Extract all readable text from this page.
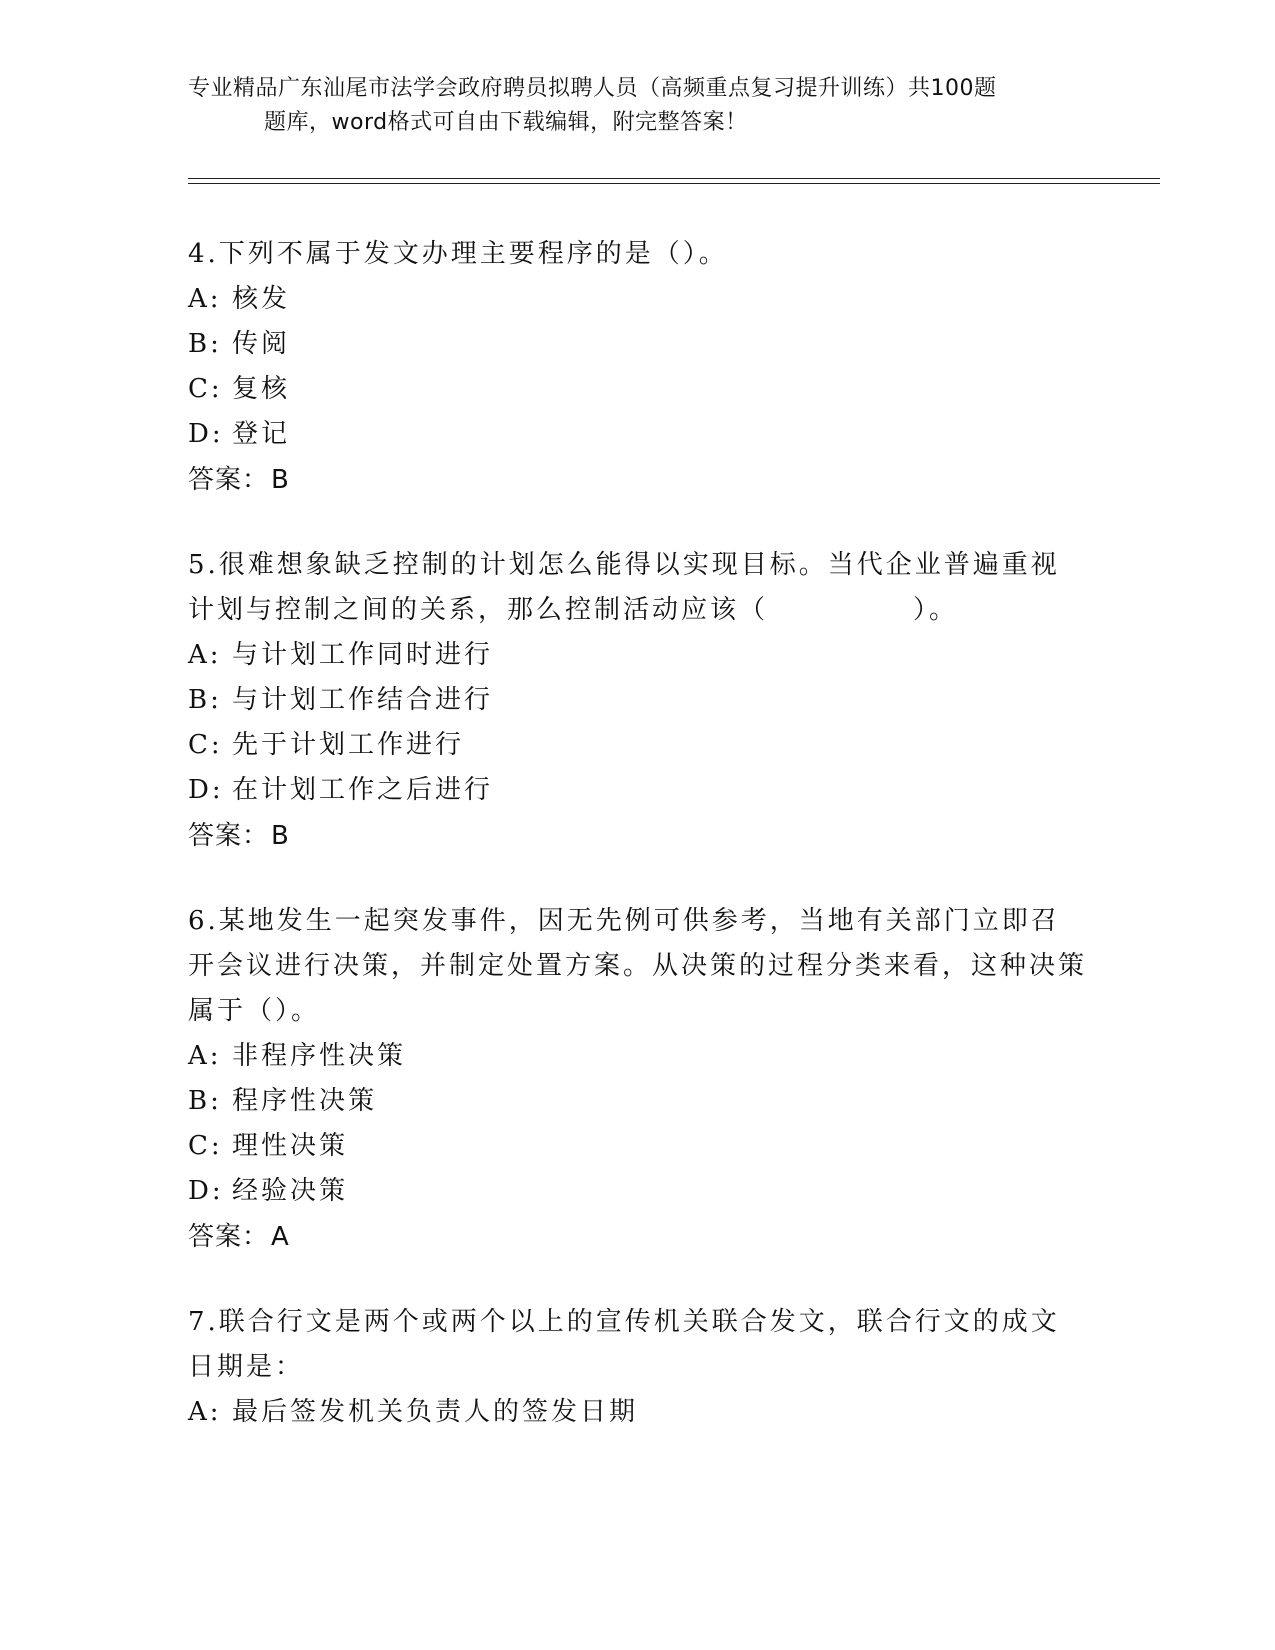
专业精品广东汕尾市法学会政府聘员拟聘人员（高频重点复习提升训练）共100题
题库，word格式可自由下载编辑，附完整答案！
4.下列不属于发文办理主要程序的是（）。
A: 核发
B: 传阅
C: 复核
D: 登记
答案：B
5.很难想象缺乏控制的计划怎么能得以实现目标。当代企业普遍重视计划与控制之间的关系，那么控制活动应该（　　　　　）。
A: 与计划工作同时进行
B: 与计划工作结合进行
C: 先于计划工作进行
D: 在计划工作之后进行
答案：B
6.某地发生一起突发事件，因无先例可供参考，当地有关部门立即召开会议进行决策，并制定处置方案。从决策的过程分类来看，这种决策属于（）。
A: 非程序性决策
B: 程序性决策
C: 理性决策
D: 经验决策
答案：A
7.联合行文是两个或两个以上的宣传机关联合发文，联合行文的成文日期是：
A: 最后签发机关负责人的签发日期
